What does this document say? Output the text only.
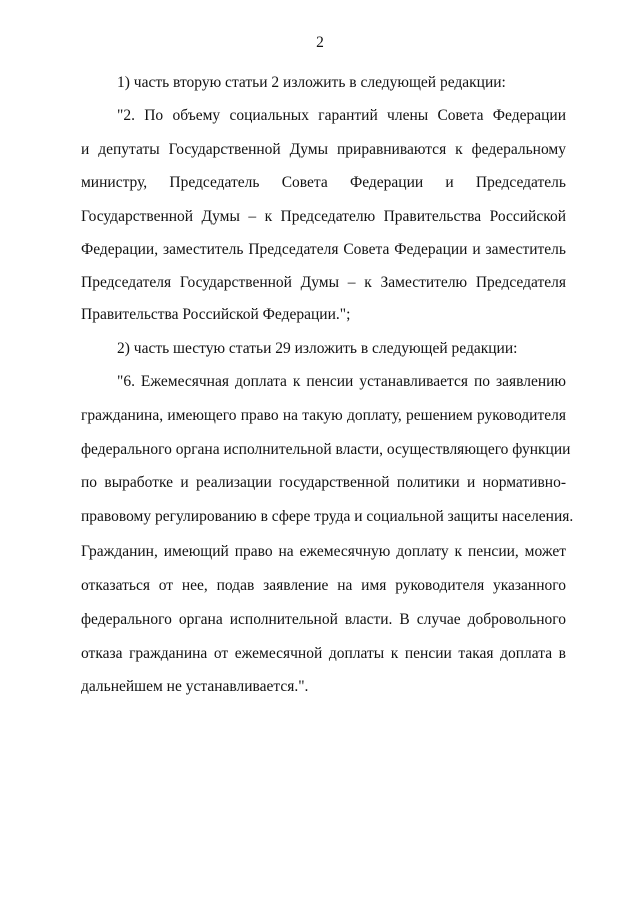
2
1) часть вторую статьи 2 изложить в следующей редакции:
"2. По объему социальных гарантий члены Совета Федерации
и депутаты Государственной Думы приравниваются к федеральному
министру, Председатель Совета Федерации и Председатель
Государственной Думы – к Председателю Правительства Российской
Федерации, заместитель Председателя Совета Федерации и заместитель
Председателя Государственной Думы – к Заместителю Председателя
Правительства Российской Федерации.";
2) часть шестую статьи 29 изложить в следующей редакции:
"6. Ежемесячная доплата к пенсии устанавливается по заявлению
гражданина, имеющего право на такую доплату, решением руководителя
федерального органа исполнительной власти, осуществляющего функции
по выработке и реализации государственной политики и нормативно-
правовому регулированию в сфере труда и социальной защиты населения.
Гражданин, имеющий право на ежемесячную доплату к пенсии, может
отказаться от нее, подав заявление на имя руководителя указанного
федерального органа исполнительной власти. В случае добровольного
отказа гражданина от ежемесячной доплаты к пенсии такая доплата в
дальнейшем не устанавливается.".
